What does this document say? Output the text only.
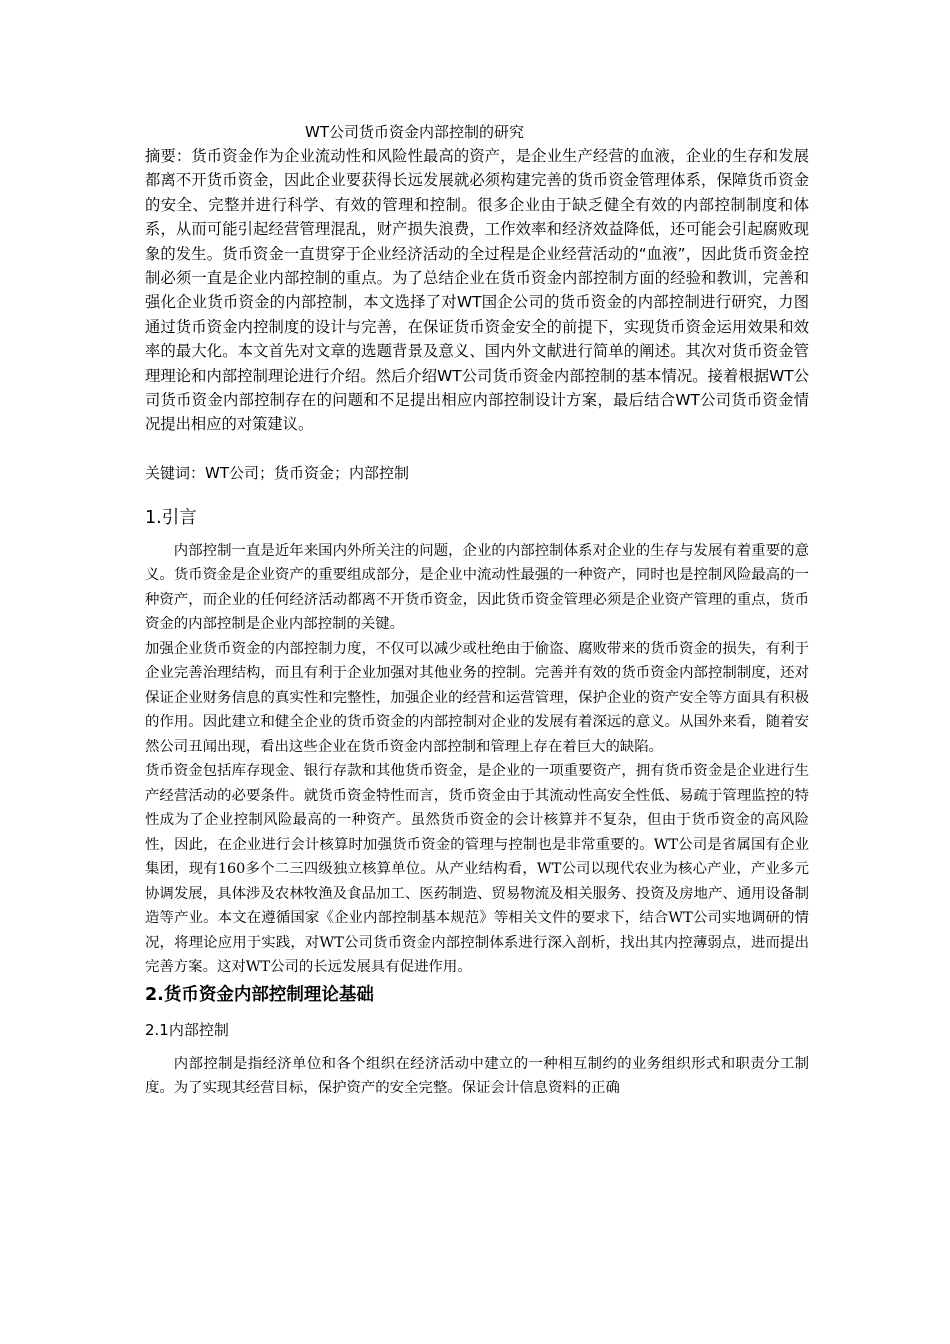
WT公司货币资金内部控制的研究

摘要：货币资金作为企业流动性和风险性最高的资产，是企业生产经营的血液，企业的生存和发展都离不开货币资金，因此企业要获得长远发展就必须构建完善的货币资金管理体系，保障货币资金的安全、完整并进行科学、有效的管理和控制。很多企业由于缺乏健全有效的内部控制制度和体系，从而可能引起经营管理混乱，财产损失浪费，工作效率和经济效益降低，还可能会引起腐败现象的发生。货币资金一直贯穿于企业经济活动的全过程是企业经营活动的“血液”，因此货币资金控制必须一直是企业内部控制的重点。为了总结企业在货币资金内部控制方面的经验和教训，完善和强化企业货币资金的内部控制，本文选择了对WT国企公司的货币资金的内部控制进行研究，力图通过货币资金内控制度的设计与完善，在保证货币资金安全的前提下，实现货币资金运用效果和效率的最大化。本文首先对文章的选题背景及意义、国内外文献进行简单的阐述。其次对货币资金管理理论和内部控制理论进行介绍。然后介绍WT公司货币资金内部控制的基本情况。接着根据WT公司货币资金内部控制存在的问题和不足提出相应内部控制设计方案，最后结合WT公司货币资金情况提出相应的对策建议。

关键词：WT公司；货币资金；内部控制

1.引言

内部控制一直是近年来国内外所关注的问题，企业的内部控制体系对企业的生存与发展有着重要的意义。货币资金是企业资产的重要组成部分，是企业中流动性最强的一种资产，同时也是控制风险最高的一种资产，而企业的任何经济活动都离不开货币资金，因此货币资金管理必须是企业资产管理的重点，货币资金的内部控制是企业内部控制的关键。

加强企业货币资金的内部控制力度，不仅可以减少或杜绝由于偷盗、腐败带来的货币资金的损失，有利于企业完善治理结构，而且有利于企业加强对其他业务的控制。完善并有效的货币资金内部控制制度，还对保证企业财务信息的真实性和完整性，加强企业的经营和运营管理，保护企业的资产安全等方面具有积极的作用。因此建立和健全企业的货币资金的内部控制对企业的发展有着深远的意义。从国外来看，随着安然公司丑闻出现，看出这些企业在货币资金内部控制和管理上存在着巨大的缺陷。

货币资金包括库存现金、银行存款和其他货币资金，是企业的一项重要资产，拥有货币资金是企业进行生产经营活动的必要条件。就货币资金特性而言，货币资金由于其流动性高安全性低、易疏于管理监控的特性成为了企业控制风险最高的一种资产。虽然货币资金的会计核算并不复杂，但由于货币资金的高风险性，因此，在企业进行会计核算时加强货币资金的管理与控制也是非常重要的。WT公司是省属国有企业集团，现有160多个二三四级独立核算单位。从产业结构看，WT公司以现代农业为核心产业，产业多元协调发展，具体涉及农林牧渔及食品加工、医药制造、贸易物流及相关服务、投资及房地产、通用设备制造等产业。本文在遵循国家《企业内部控制基本规范》等相关文件的要求下，结合WT公司实地调研的情况，将理论应用于实践，对WT公司货币资金内部控制体系进行深入剖析，找出其内控薄弱点，进而提出完善方案。这对WT公司的长远发展具有促进作用。

2.货币资金内部控制理论基础
2.1内部控制

内部控制是指经济单位和各个组织在经济活动中建立的一种相互制约的业务组织形式和职责分工制度。为了实现其经营目标，保护资产的安全完整。保证会计信息资料的正确
